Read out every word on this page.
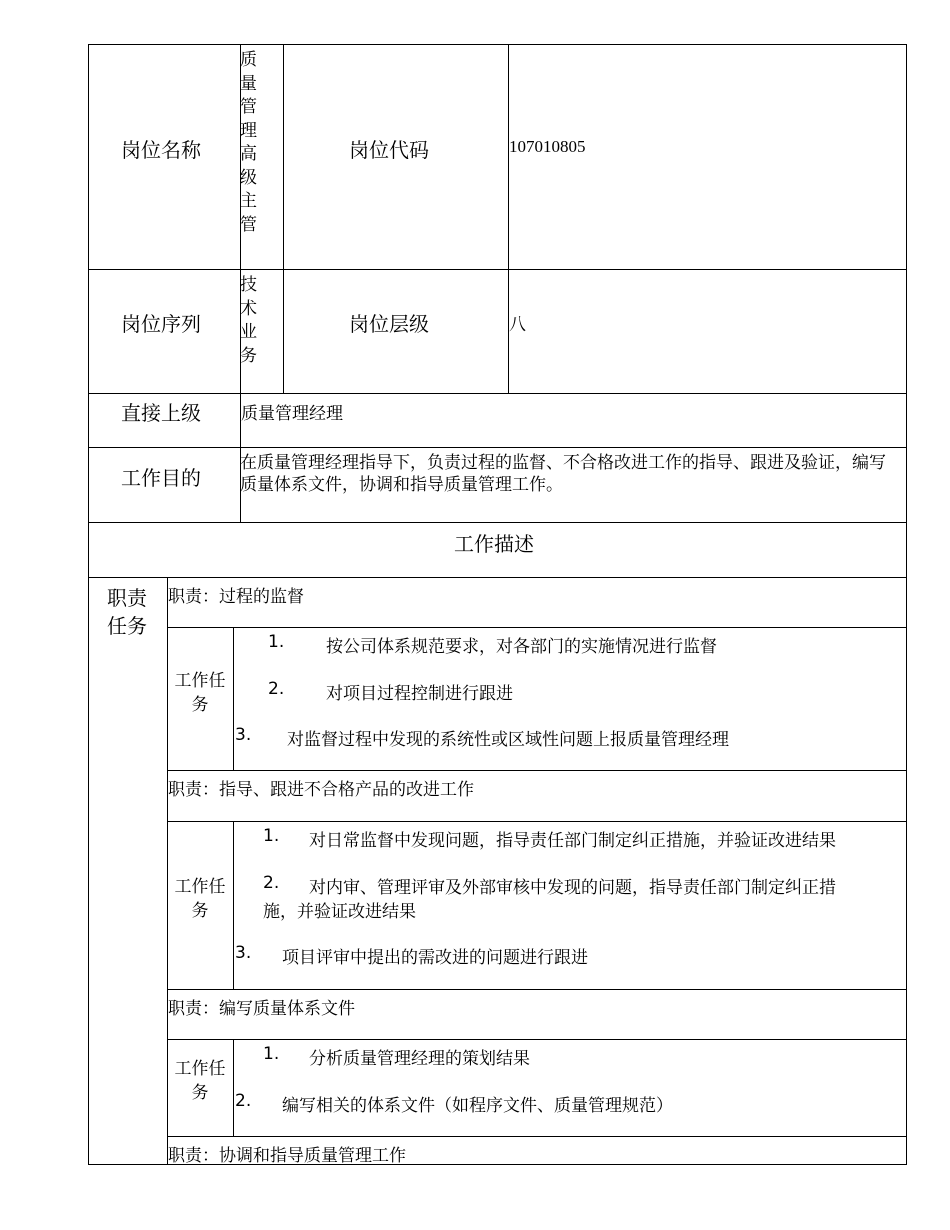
岗位名称
质
量
管
理
高
级
主
管
岗位代码	107010805
岗位序列
技
术
业
务
岗位层级	八
直接上级 质量管理经理
工作目的
在质量管理经理指导下，负责过程的监督、不合格改进工作的指导、跟进及验证，编写质量体系文件，协调和指导质量管理工作。
工作描述
职责
任务
职责：过程的监督
工作任
务
1. 按公司体系规范要求，对各部门的实施情况进行监督
2. 对项目过程控制进行跟进
3. 对监督过程中发现的系统性或区域性问题上报质量管理经理
职责：指导、跟进不合格产品的改进工作
工作任
务
1. 对日常监督中发现问题，指导责任部门制定纠正措施，并验证改进结果
2. 对内审、管理评审及外部审核中发现的问题，指导责任部门制定纠正措
施，并验证改进结果
3. 项目评审中提出的需改进的问题进行跟进
职责：编写质量体系文件
工作任
务
1. 分析质量管理经理的策划结果
2. 编写相关的体系文件（如程序文件、质量管理规范）
职责：协调和指导质量管理工作
